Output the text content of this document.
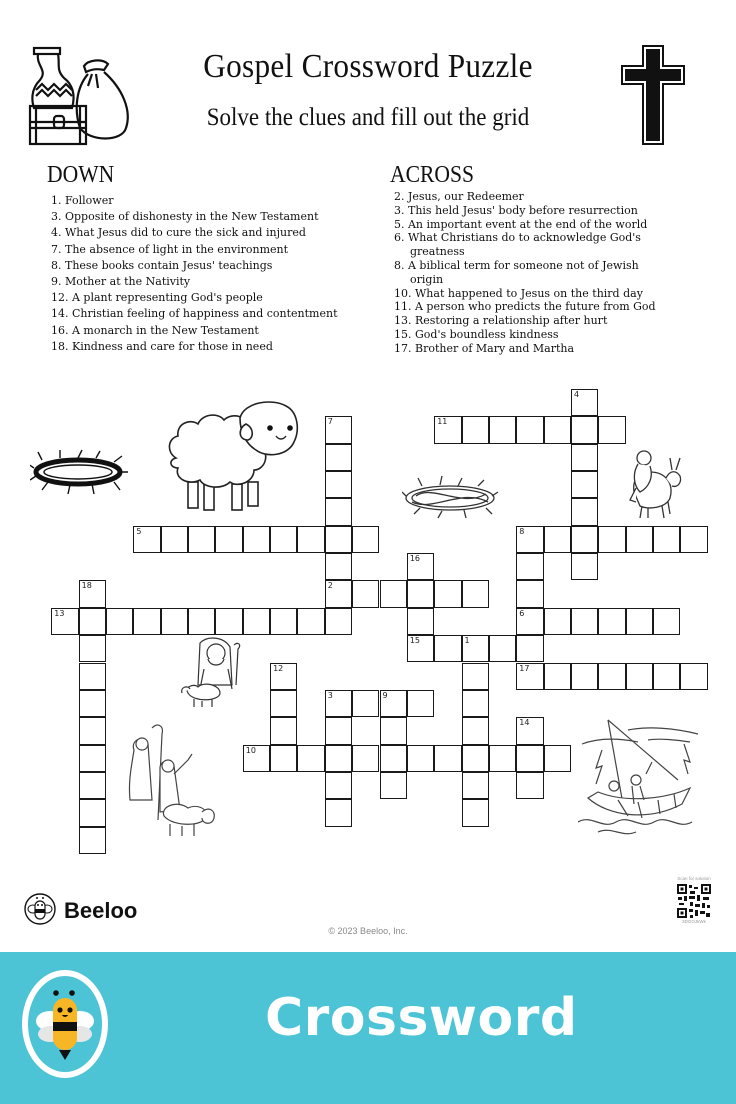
Gospel Crossword Puzzle
Solve the clues and fill out the grid
DOWN
1. Follower
3. Opposite of dishonesty in the New Testament
4. What Jesus did to cure the sick and injured
7. The absence of light in the environment
8. These books contain Jesus' teachings
9. Mother at the Nativity
12. A plant representing God's people
14. Christian feeling of happiness and contentment
16. A monarch in the New Testament
18. Kindness and care for those in need
ACROSS
2. Jesus, our Redeemer
3. This held Jesus' body before resurrection
5. An important event at the end of the world
6. What Christians do to acknowledge God's
greatness
8. A biblical term for someone not of Jewish
origin
10. What happened to Jesus on the third day
11. A person who predicts the future from God
13. Restoring a relationship after hurt
15. God's boundless kindness
17. Brother of Mary and Martha
11
5	8
2
13	6
15	1
17
3	9
10
4
7
16
18
12
14
Beeloo
© 2023 Beeloo, Inc.
Scan for solution
3DGOJkWk
Crossword
